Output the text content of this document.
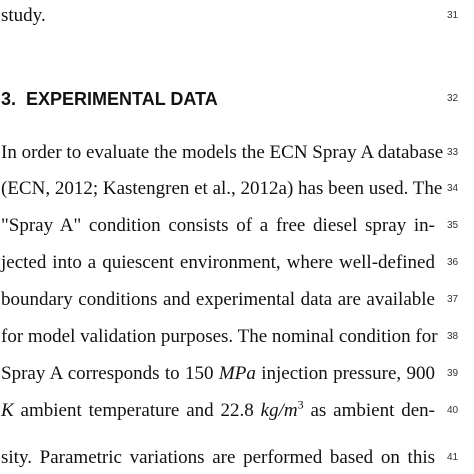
study.	31
3. EXPERIMENTAL DATA	32
In order to evaluate the models the ECN Spray A database 33
(ECN, 2012; Kastengren et al., 2012a) has been used. The 34
"Spray A" condition consists of a free diesel spray in- 35
jected into a quiescent environment, where well-defined 36
boundary conditions and experimental data are available 37
for model validation purposes. The nominal condition for 38
Spray A corresponds to 150 MPa injection pressure, 900 39
K ambient temperature and 22.8 $kg/m^3$ as ambient den- 40
sity. Parametric variations are performed based on this 41
